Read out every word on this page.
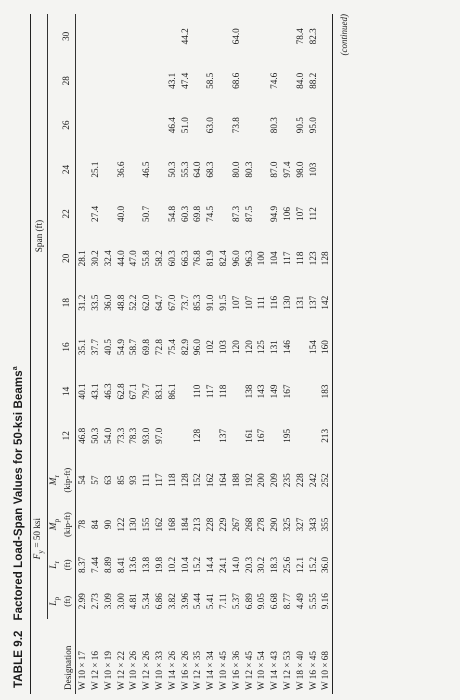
TABLE 9.2   Factored Load-Span Values for 50-ksi Beams$^a$
Designation	$F_y = 50$ ksi				Span (ft)									
	$L_p$
(ft)	$L_r$
(ft)	$M_p$
(kip-ft)	$M_r$
(kip-ft)	12	14	16	18	20	22	24	26	28	30
W 10 × 17	2.99	8.37	78	54	46.8	40.1	35.1	31.2	28.1					
W 12 × 16	2.73	7.44	84	57	50.3	43.1	37.7	33.5	30.2	27.4	25.1			
W 10 × 19	3.09	8.89	90	63	54.0	46.3	40.5	36.0	32.4					
W 12 × 22	3.00	8.41	122	85	73.3	62.8	54.9	48.8	44.0	40.0	36.6			
W 10 × 26	4.81	13.6	130	93	78.3	67.1	58.7	52.2	47.0					
W 12 × 26	5.34	13.8	155	111	93.0	79.7	69.8	62.0	55.8	50.7	46.5			
W 10 × 33	6.86	19.8	162	117	97.0	83.1	72.8	64.7	58.2					
W 14 × 26	3.82	10.2	168	118		86.1	75.4	67.0	60.3	54.8	50.3	46.4	43.1	
W 16 × 26	3.96	10.4	184	128			82.9	73.7	66.3	60.3	55.3	51.0	47.4	44.2
W 12 × 35	5.44	15.2	213	152	128	110	96.0	85.3	76.8	69.8	64.0			
W 14 × 34	5.41	14.4	228	162		117	102	91.0	81.9	74.5	68.3	63.0	58.5	
W 10 × 45	7.11	24.1	229	164	137	118	103	91.5	82.4					
W 16 × 36	5.37	14.0	267	188			120	107	96.0	87.3	80.0	73.8	68.6	64.0
W 12 × 45	6.89	20.3	268	192	161	138	120	107	96.3	87.5	80.3			
W 10 × 54	9.05	30.2	278	200	167	143	125	111	100					
W 14 × 43	6.68	18.3	290	209		149	131	116	104	94.9	87.0	80.3	74.6	
W 12 × 53	8.77	25.6	325	235	195	167	146	130	117	106	97.4			
W 18 × 40	4.49	12.1	327	228				131	118	107	98.0	90.5	84.0	78.4
W 16 × 45	5.55	15.2	343	242			154	137	123	112	103	95.0	88.2	82.3
W 10 × 68	9.16	36.0	355	252	213	183	160	142	128					
(continued)
